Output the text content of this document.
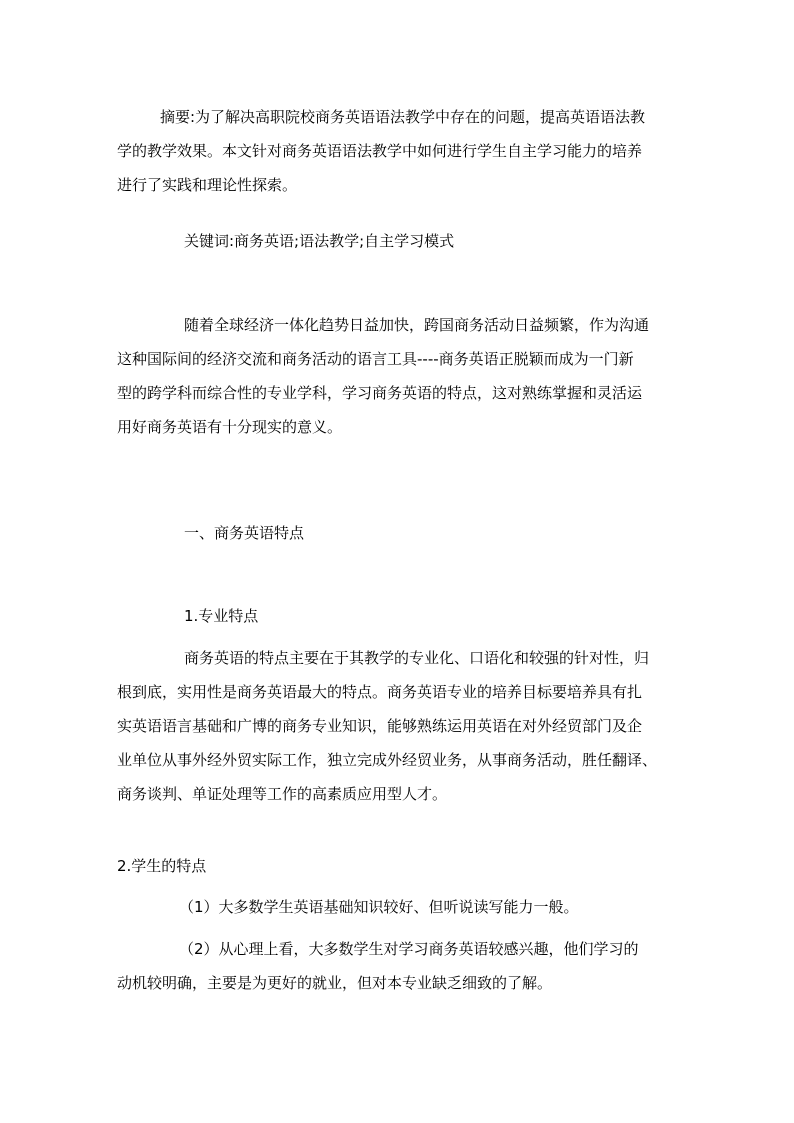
摘要:为了解决高职院校商务英语语法教学中存在的问题，提高英语语法教
学的教学效果。本文针对商务英语语法教学中如何进行学生自主学习能力的培养
进行了实践和理论性探索。
关键词:商务英语;语法教学;自主学习模式
随着全球经济一体化趋势日益加快，跨国商务活动日益频繁，作为沟通
这种国际间的经济交流和商务活动的语言工具----商务英语正脱颖而成为一门新
型的跨学科而综合性的专业学科，学习商务英语的特点，这对熟练掌握和灵活运
用好商务英语有十分现实的意义。
一、商务英语特点
1.专业特点
商务英语的特点主要在于其教学的专业化、口语化和较强的针对性，归
根到底，实用性是商务英语最大的特点。商务英语专业的培养目标要培养具有扎
实英语语言基础和广博的商务专业知识，能够熟练运用英语在对外经贸部门及企
业单位从事外经外贸实际工作，独立完成外经贸业务，从事商务活动，胜任翻译、
商务谈判、单证处理等工作的高素质应用型人才。
2.学生的特点
（1）大多数学生英语基础知识较好、但听说读写能力一般。
（2）从心理上看，大多数学生对学习商务英语较感兴趣，他们学习的
动机较明确，主要是为更好的就业，但对本专业缺乏细致的了解。
